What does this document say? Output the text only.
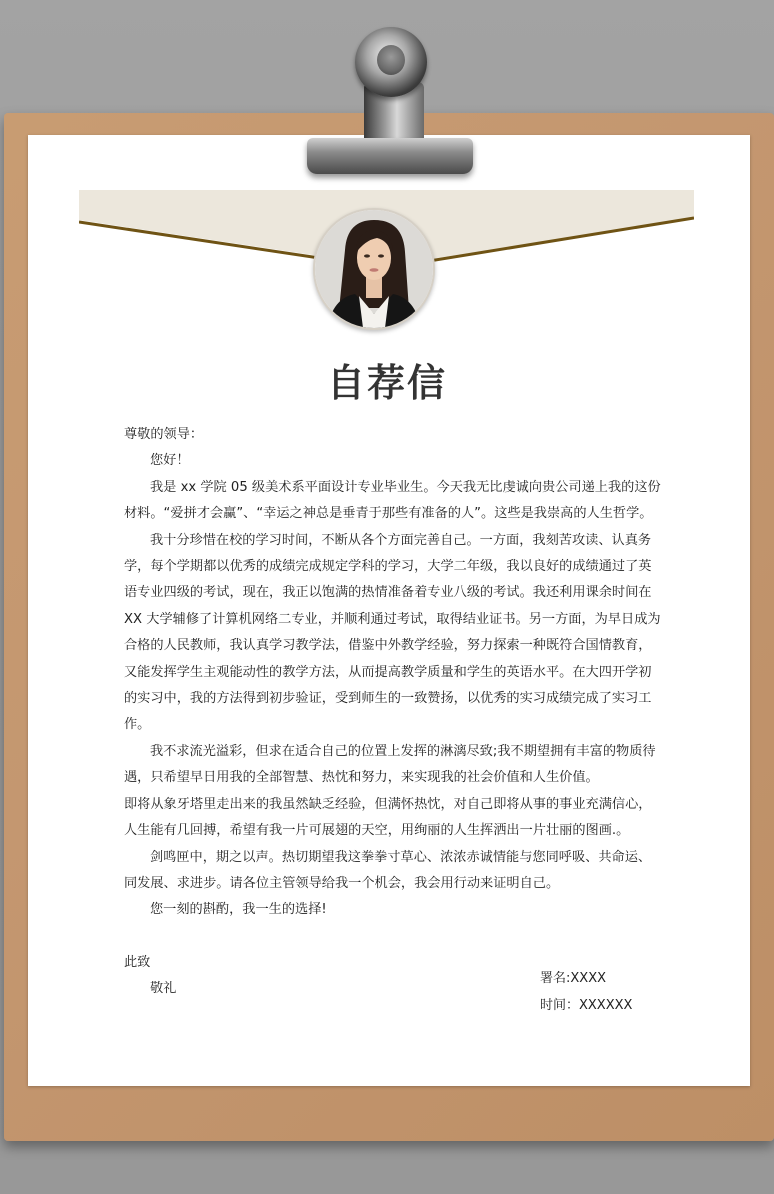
自荐信

尊敬的领导：

您好！

我是 xx 学院 05 级美术系平面设计专业毕业生。今天我无比虔诚向贵公司递上我的这份材料。“爱拼才会赢”、“幸运之神总是垂青于那些有准备的人”。这些是我崇高的人生哲学。

我十分珍惜在校的学习时间，不断从各个方面完善自己。一方面，我刻苦攻读、认真务学，每个学期都以优秀的成绩完成规定学科的学习，大学二年级，我以良好的成绩通过了英语专业四级的考试，现在，我正以饱满的热情准备着专业八级的考试。我还利用课余时间在 XX 大学辅修了计算机网络二专业，并顺利通过考试，取得结业证书。另一方面，为早日成为合格的人民教师，我认真学习教学法，借鉴中外教学经验，努力探索一种既符合国情教育，又能发挥学生主观能动性的教学方法，从而提高教学质量和学生的英语水平。在大四开学初的实习中，我的方法得到初步验证，受到师生的一致赞扬，以优秀的实习成绩完成了实习工作。

我不求流光溢彩，但求在适合自己的位置上发挥的淋漓尽致;我不期望拥有丰富的物质待遇，只希望早日用我的全部智慧、热忱和努力，来实现我的社会价值和人生价值。

即将从象牙塔里走出来的我虽然缺乏经验，但满怀热忱，对自己即将从事的事业充满信心，人生能有几回搏，希望有我一片可展翅的天空，用绚丽的人生挥洒出一片壮丽的图画.。

剑鸣匣中，期之以声。热切期望我这拳拳寸草心、浓浓赤诚情能与您同呼吸、共命运、同发展、求进步。请各位主管领导给我一个机会，我会用行动来证明自己。

您一刻的斟酌，我一生的选择!

此致

敬礼

署名:XXXX
时间：XXXXXX
